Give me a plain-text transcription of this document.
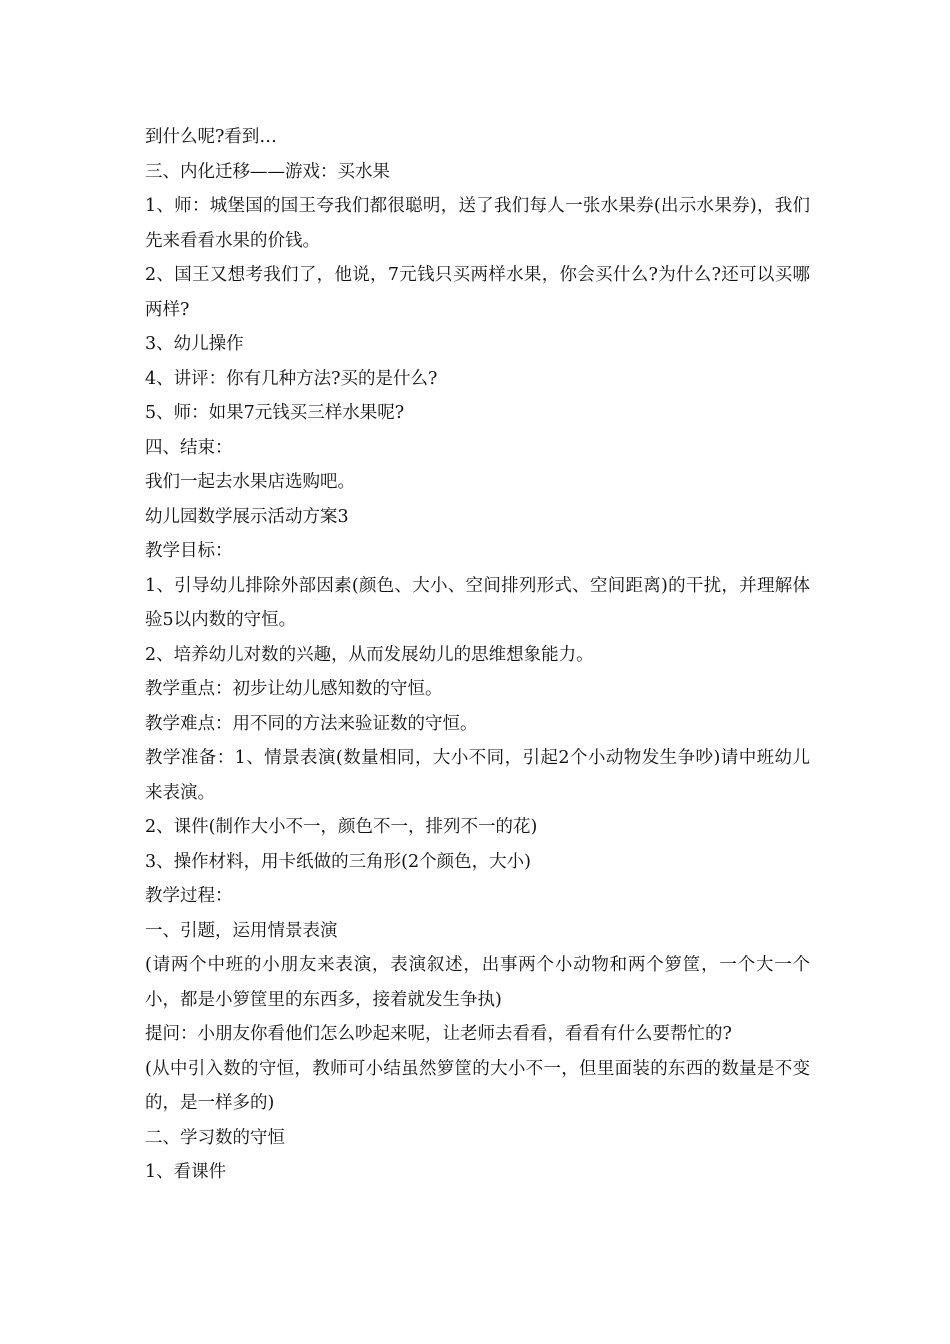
到什么呢?看到…

三、内化迁移——游戏：买水果

1、师：城堡国的国王夸我们都很聪明，送了我们每人一张水果券(出示水果券)，我们先来看看水果的价钱。

2、国王又想考我们了，他说，7元钱只买两样水果，你会买什么?为什么?还可以买哪两样?

3、幼儿操作

4、讲评：你有几种方法?买的是什么?

5、师：如果7元钱买三样水果呢?

四、结束：

我们一起去水果店选购吧。

幼儿园数学展示活动方案3

教学目标：

1、引导幼儿排除外部因素(颜色、大小、空间排列形式、空间距离)的干扰，并理解体验5以内数的守恒。

2、培养幼儿对数的兴趣，从而发展幼儿的思维想象能力。

教学重点：初步让幼儿感知数的守恒。

教学难点：用不同的方法来验证数的守恒。

教学准备：1、情景表演(数量相同，大小不同，引起2个小动物发生争吵)请中班幼儿来表演。

2、课件(制作大小不一，颜色不一，排列不一的花)

3、操作材料，用卡纸做的三角形(2个颜色，大小)

教学过程：

一、引题，运用情景表演

(请两个中班的小朋友来表演，表演叙述，出事两个小动物和两个箩筐，一个大一个小，都是小箩筐里的东西多，接着就发生争执)

提问：小朋友你看他们怎么吵起来呢，让老师去看看，看看有什么要帮忙的?

(从中引入数的守恒，教师可小结虽然箩筐的大小不一，但里面装的东西的数量是不变的，是一样多的)

二、学习数的守恒

1、看课件
